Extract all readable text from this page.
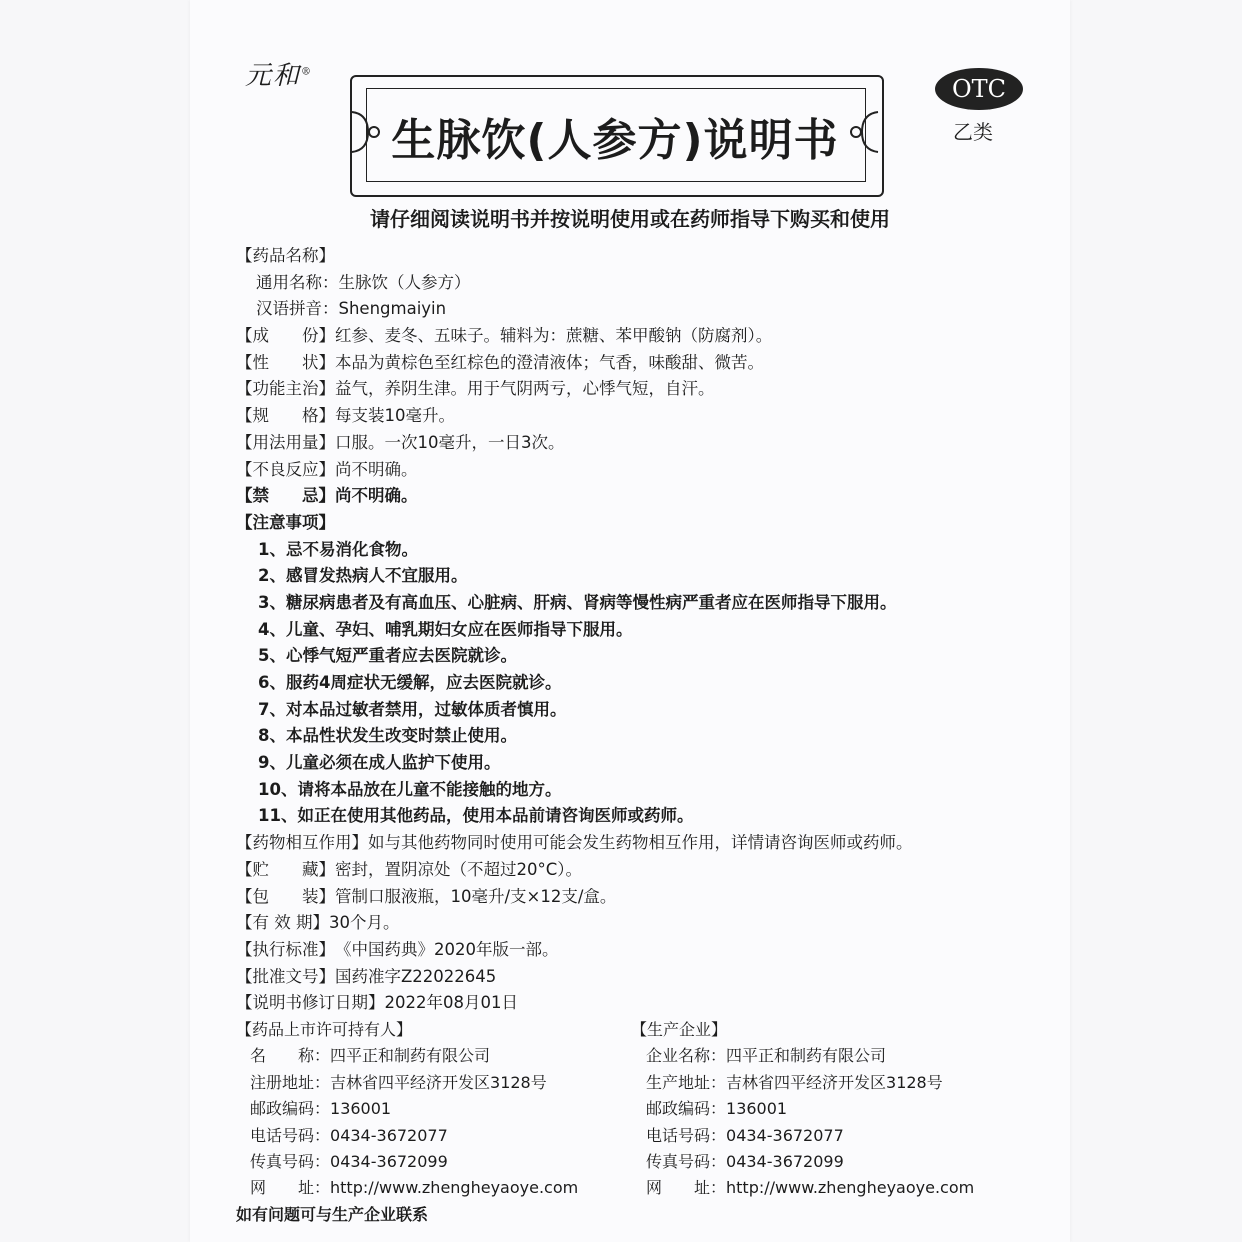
元和®
生脉饮(人参方)说明书
OTC
乙类
请仔细阅读说明书并按说明使用或在药师指导下购买和使用
【药品名称】
通用名称：生脉饮（人参方）
汉语拼音：Shengmaiyin
【成　　份】红参、麦冬、五味子。辅料为：蔗糖、苯甲酸钠（防腐剂）。
【性　　状】本品为黄棕色至红棕色的澄清液体；气香，味酸甜、微苦。
【功能主治】益气，养阴生津。用于气阴两亏，心悸气短，自汗。
【规　　格】每支装10毫升。
【用法用量】口服。一次10毫升，一日3次。
【不良反应】尚不明确。
【禁　　忌】尚不明确。
【注意事项】
1、忌不易消化食物。
2、感冒发热病人不宜服用。
3、糖尿病患者及有高血压、心脏病、肝病、肾病等慢性病严重者应在医师指导下服用。
4、儿童、孕妇、哺乳期妇女应在医师指导下服用。
5、心悸气短严重者应去医院就诊。
6、服药4周症状无缓解，应去医院就诊。
7、对本品过敏者禁用，过敏体质者慎用。
8、本品性状发生改变时禁止使用。
9、儿童必须在成人监护下使用。
10、请将本品放在儿童不能接触的地方。
11、如正在使用其他药品，使用本品前请咨询医师或药师。
【药物相互作用】如与其他药物同时使用可能会发生药物相互作用，详情请咨询医师或药师。
【贮　　藏】密封，置阴凉处（不超过20°C）。
【包　　装】管制口服液瓶，10毫升/支×12支/盒。
【有 效 期】30个月。
【执行标准】《中国药典》2020年版一部。
【批准文号】国药准字Z22022645
【说明书修订日期】2022年08月01日
【药品上市许可持有人】	【生产企业】
名　　称：四平正和制药有限公司	企业名称：四平正和制药有限公司
注册地址：吉林省四平经济开发区3128号	生产地址：吉林省四平经济开发区3128号
邮政编码：136001	邮政编码：136001
电话号码：0434-3672077	电话号码：0434-3672077
传真号码：0434-3672099	传真号码：0434-3672099
网　　址：http://www.zhengheyaoye.com	网　　址：http://www.zhengheyaoye.com
如有问题可与生产企业联系
